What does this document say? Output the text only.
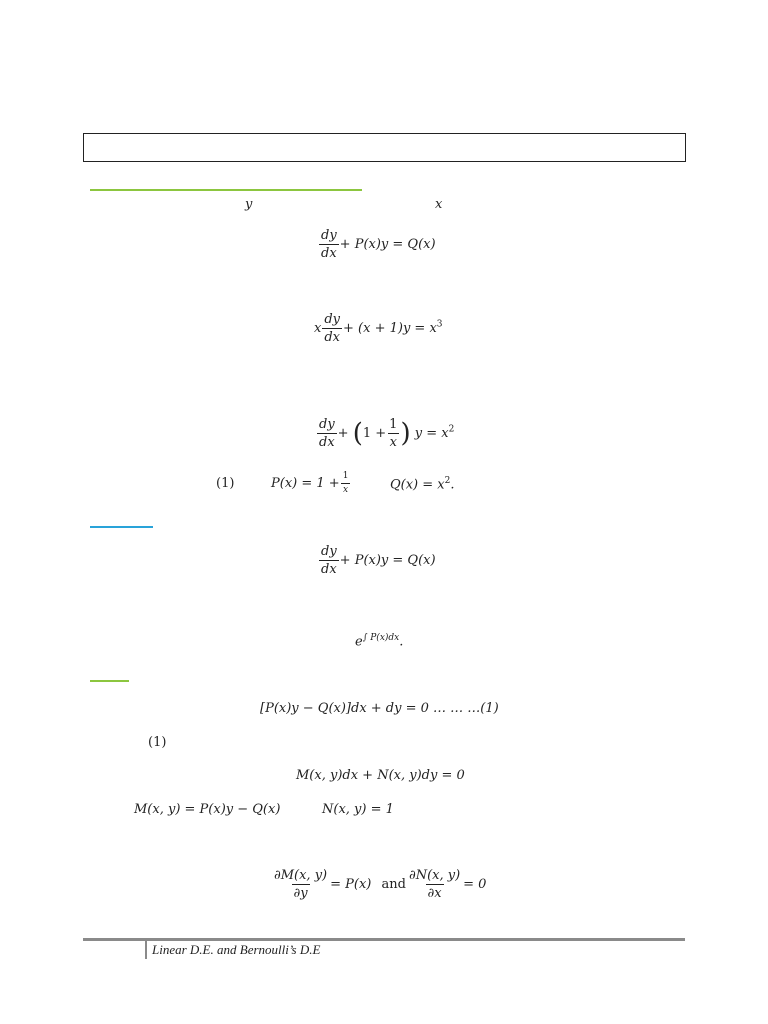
y	x
$\frac{dy}{dx} + P(x)y = Q(x)$
x $\frac{dy}{dx} + (x + 1)y = x^3$
$\frac{dy}{dx} + (1 + \frac{1}{x}$ ) $y = x^2$
(1)	$P(x) = 1 + \frac{1}{x}$	$Q(x) = x^2$.
$\frac{dy}{dx} + P(x)y = Q(x)$
$e^{\int P(x)dx}$.
[P(x)y − Q(x)]dx + dy = 0 … … …(1)
(1)
M(x, y)dx + N(x, y)dy = 0
M(x, y) = P(x)y − Q(x)	N(x, y) = 1
$\frac{\partial M(x, y)}{\partial y} = P(x)$ and $\frac{\partial N(x, y)}{\partial x} = 0$
Linear D.E. and Bernoulli’s D.E
